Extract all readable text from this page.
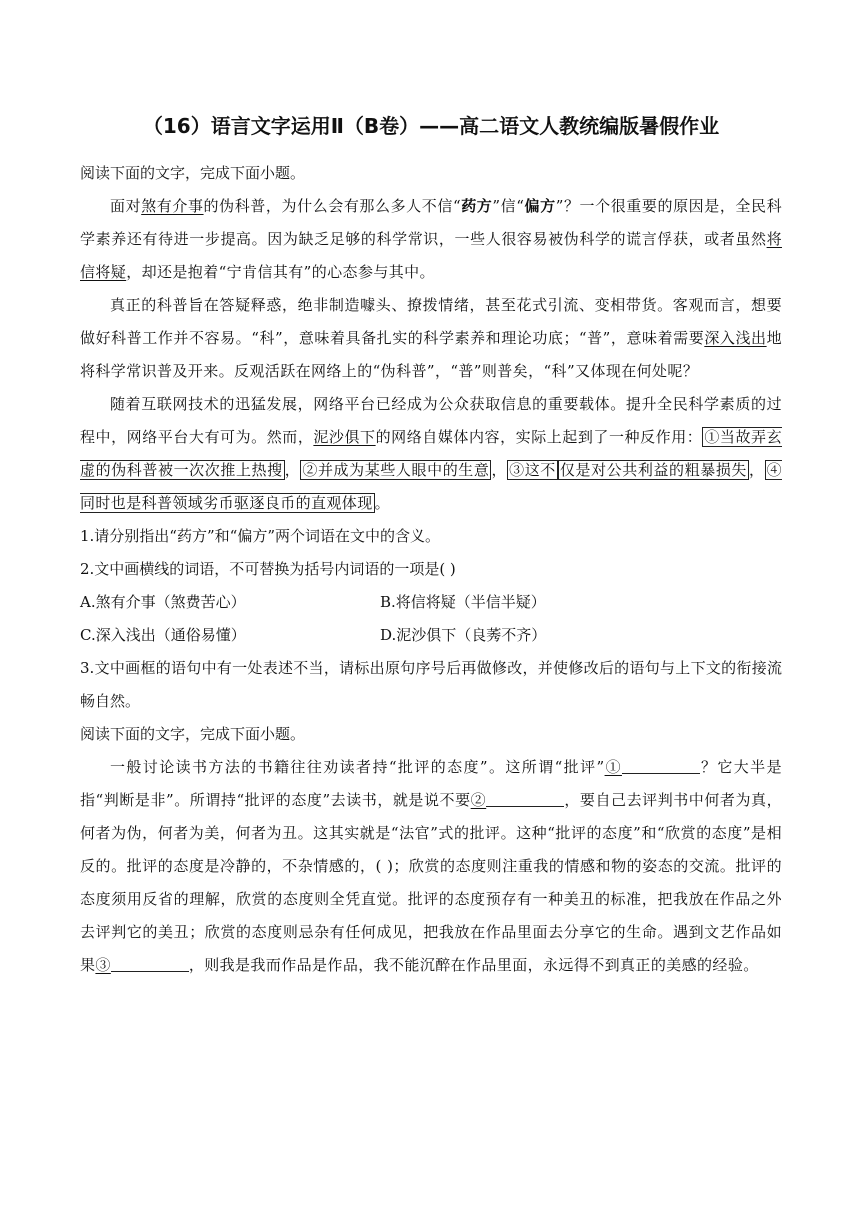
（16）语言文字运用Ⅱ（B卷）——高二语文人教统编版暑假作业

阅读下面的文字，完成下面小题。

面对煞有介事的伪科普，为什么会有那么多人不信“药方”信“偏方”？一个很重要的原因是，全民科学素养还有待进一步提高。因为缺乏足够的科学常识，一些人很容易被伪科学的谎言俘获，或者虽然将信将疑，却还是抱着“宁肯信其有”的心态参与其中。

真正的科普旨在答疑释惑，绝非制造噱头、撩拨情绪，甚至花式引流、变相带货。客观而言，想要做好科普工作并不容易。“科”，意味着具备扎实的科学素养和理论功底；“普”，意味着需要深入浅出地将科学常识普及开来。反观活跃在网络上的“伪科普”，“普”则普矣，“科”又体现在何处呢？

随着互联网技术的迅猛发展，网络平台已经成为公众获取信息的重要载体。提升全民科学素质的过程中，网络平台大有可为。然而，泥沙俱下的网络自媒体内容，实际上起到了一种反作用： ①当故弄玄虚的伪科普被一次次推上热搜 ， ②并成为某些人眼中的生意 ， ③这不 仅是对公共利益的粗暴损失 ， ④同时也是科普领域劣币驱逐良币的直观体现 。

1.请分别指出“药方”和“偏方”两个词语在文中的含义。

2.文中画横线的词语，不可替换为括号内词语的一项是( )

A.煞有介事（煞费苦心）	B.将信将疑（半信半疑）
C.深入浅出（通俗易懂）	D.泥沙俱下（良莠不齐）

3.文中画框的语句中有一处表述不当，请标出原句序号后再做修改，并使修改后的语句与上下文的衔接流畅自然。

阅读下面的文字，完成下面小题。

一般讨论读书方法的书籍往往劝读者持“批评的态度”。这所谓“批评”①	？它大半是指“判断是非”。所谓持“批评的态度”去读书，就是说不要②	，要自己去评判书中何者为真，何者为伪，何者为美，何者为丑。这其实就是“法官”式的批评。这种“批评的态度”和“欣赏的态度”是相反的。批评的态度是冷静的，不杂情感的，( )；欣赏的态度则注重我的情感和物的姿态的交流。批评的态度须用反省的理解，欣赏的态度则全凭直觉。批评的态度预存有一种美丑的标准，把我放在作品之外去评判它的美丑；欣赏的态度则忌杂有任何成见，把我放在作品里面去分享它的生命。遇到文艺作品如果③	，则我是我而作品是作品，我不能沉醉在作品里面，永远得不到真正的美感的经验。
